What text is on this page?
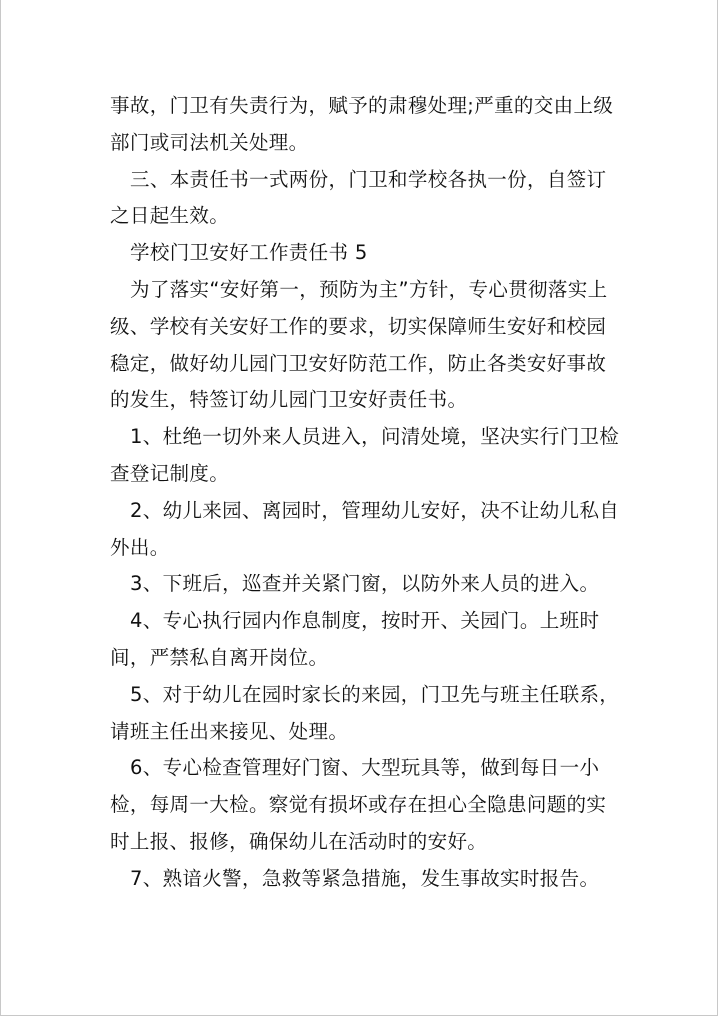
事故，门卫有失责行为，赋予的肃穆处理;严重的交由上级部门或司法机关处理。

三、本责任书一式两份，门卫和学校各执一份，自签订之日起生效。

学校门卫安好工作责任书 5

为了落实“安好第一，预防为主”方针，专心贯彻落实上级、学校有关安好工作的要求，切实保障师生安好和校园稳定，做好幼儿园门卫安好防范工作，防止各类安好事故的发生，特签订幼儿园门卫安好责任书。

1、杜绝一切外来人员进入，问清处境，坚决实行门卫检查登记制度。

2、幼儿来园、离园时，管理幼儿安好，决不让幼儿私自外出。

3、下班后，巡查并关紧门窗，以防外来人员的进入。

4、专心执行园内作息制度，按时开、关园门。上班时间，严禁私自离开岗位。

5、对于幼儿在园时家长的来园，门卫先与班主任联系，请班主任出来接见、处理。

6、专心检查管理好门窗、大型玩具等，做到每日一小检，每周一大检。察觉有损坏或存在担心全隐患问题的实时上报、报修，确保幼儿在活动时的安好。

7、熟谙火警，急救等紧急措施，发生事故实时报告。
